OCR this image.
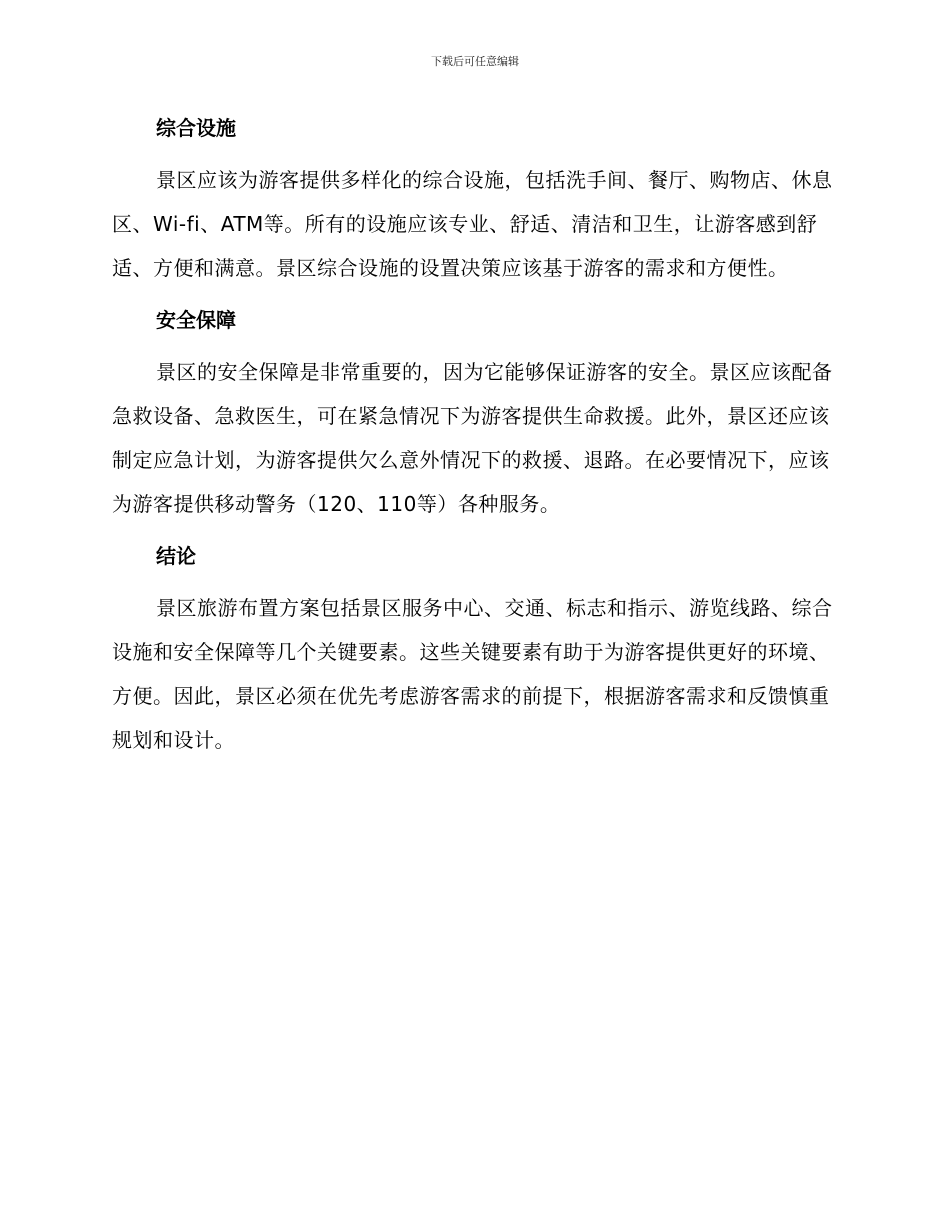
下载后可任意编辑
综合设施

景区应该为游客提供多样化的综合设施，包括洗手间、餐厅、购物店、休息区、Wi-fi、ATM等。所有的设施应该专业、舒适、清洁和卫生，让游客感到舒适、方便和满意。景区综合设施的设置决策应该基于游客的需求和方便性。

安全保障

景区的安全保障是非常重要的，因为它能够保证游客的安全。景区应该配备急救设备、急救医生，可在紧急情况下为游客提供生命救援。此外，景区还应该制定应急计划，为游客提供欠么意外情况下的救援、退路。在必要情况下，应该为游客提供移动警务（120、110等）各种服务。

结论

景区旅游布置方案包括景区服务中心、交通、标志和指示、游览线路、综合设施和安全保障等几个关键要素。这些关键要素有助于为游客提供更好的环境、方便。因此，景区必须在优先考虑游客需求的前提下，根据游客需求和反馈慎重规划和设计。
